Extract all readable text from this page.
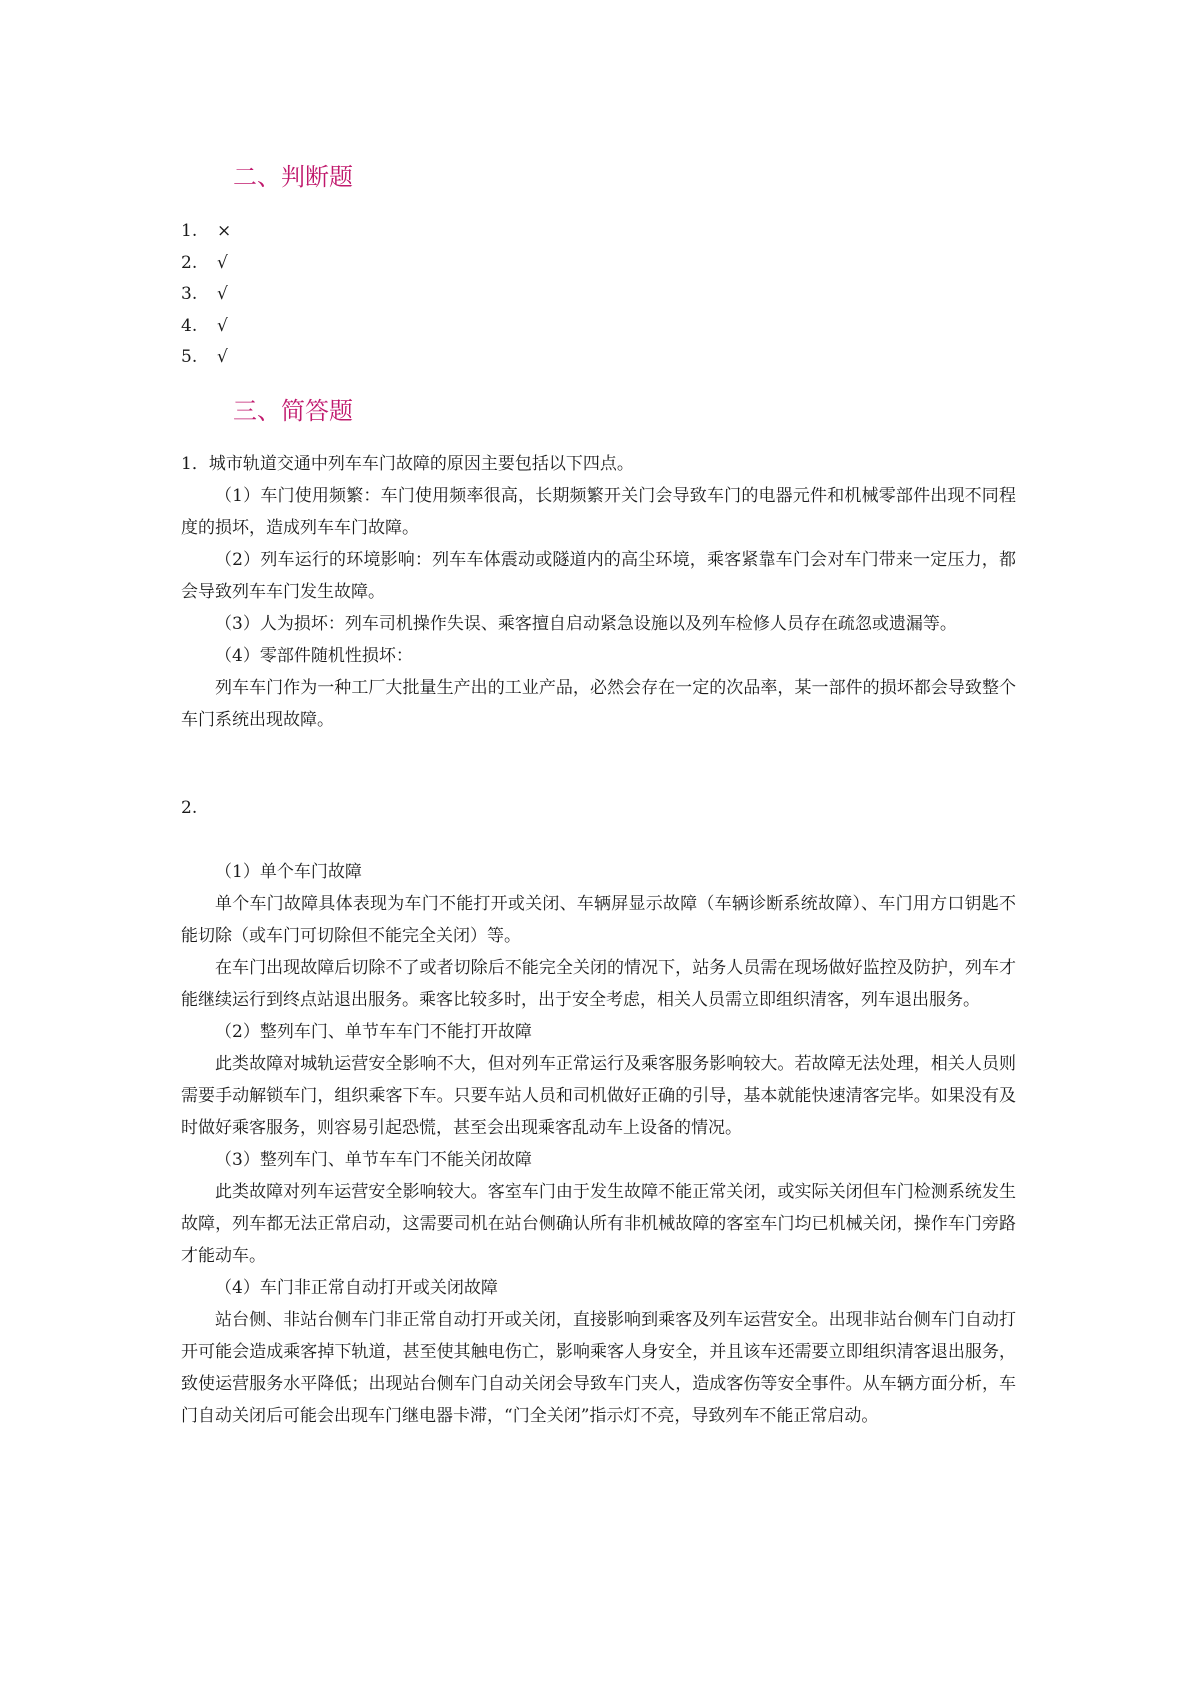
二、判断题
1. ×
2. √
3. √
4. √
5. √
三、简答题

1．城市轨道交通中列车车门故障的原因主要包括以下四点。

（1）车门使用频繁：车门使用频率很高，长期频繁开关门会导致车门的电器元件和机械零部件出现不同程度的损坏，造成列车车门故障。

（2）列车运行的环境影响：列车车体震动或隧道内的高尘环境，乘客紧靠车门会对车门带来一定压力，都会导致列车车门发生故障。

（3）人为损坏：列车司机操作失误、乘客擅自启动紧急设施以及列车检修人员存在疏忽或遗漏等。

（4）零部件随机性损坏：

列车车门作为一种工厂大批量生产出的工业产品，必然会存在一定的次品率，某一部件的损坏都会导致整个车门系统出现故障。

2.

（1）单个车门故障

单个车门故障具体表现为车门不能打开或关闭、车辆屏显示故障（车辆诊断系统故障）、车门用方口钥匙不能切除（或车门可切除但不能完全关闭）等。

在车门出现故障后切除不了或者切除后不能完全关闭的情况下，站务人员需在现场做好监控及防护，列车才能继续运行到终点站退出服务。乘客比较多时，出于安全考虑，相关人员需立即组织清客，列车退出服务。

（2）整列车门、单节车车门不能打开故障

此类故障对城轨运营安全影响不大，但对列车正常运行及乘客服务影响较大。若故障无法处理，相关人员则需要手动解锁车门，组织乘客下车。只要车站人员和司机做好正确的引导，基本就能快速清客完毕。如果没有及时做好乘客服务，则容易引起恐慌，甚至会出现乘客乱动车上设备的情况。

（3）整列车门、单节车车门不能关闭故障

此类故障对列车运营安全影响较大。客室车门由于发生故障不能正常关闭，或实际关闭但车门检测系统发生故障，列车都无法正常启动，这需要司机在站台侧确认所有非机械故障的客室车门均已机械关闭，操作车门旁路才能动车。

（4）车门非正常自动打开或关闭故障

站台侧、非站台侧车门非正常自动打开或关闭，直接影响到乘客及列车运营安全。出现非站台侧车门自动打开可能会造成乘客掉下轨道，甚至使其触电伤亡，影响乘客人身安全，并且该车还需要立即组织清客退出服务，致使运营服务水平降低；出现站台侧车门自动关闭会导致车门夹人，造成客伤等安全事件。从车辆方面分析，车门自动关闭后可能会出现车门继电器卡滞，“门全关闭”指示灯不亮，导致列车不能正常启动。
